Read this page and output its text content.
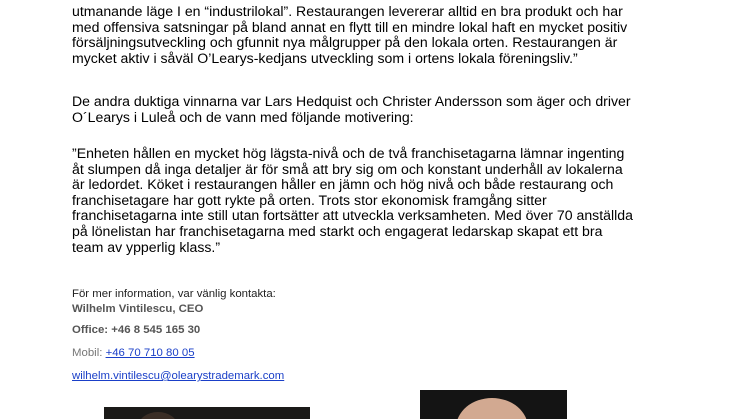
utmanande läge I en “industrilokal”. Restaurangen levererar alltid en bra produkt och har

med offensiva satsningar på bland annat en flytt till en mindre lokal haft en mycket positiv

försäljningsutveckling och gfunnit nya målgrupper på den lokala orten. Restaurangen är

mycket aktiv i såväl O’Learys-kedjans utveckling som i ortens lokala föreningsliv.”

De andra duktiga vinnarna var Lars Hedquist och Christer Andersson som äger och driver

O´Learys i Luleå och de vann med följande motivering:

”Enheten hållen en mycket hög lägsta-nivå och de två franchisetagarna lämnar ingenting

åt slumpen då inga detaljer är för små att bry sig om och konstant underhåll av lokalerna

är ledordet. Köket i restaurangen håller en jämn och hög nivå och både restaurang och

franchisetagare har gott rykte på orten. Trots stor ekonomisk framgång sitter

franchisetagarna inte still utan fortsätter att utveckla verksamheten. Med över 70 anställda

på lönelistan har franchisetagarna med starkt och engagerat ledarskap skapat ett bra

team av ypperlig klass.”

För mer information, var vänlig kontakta:
Wilhelm Vintilescu, CEO
Office: +46 8 545 165 30
Mobil: +46 70 710 80 05
wilhelm.vintilescu@olearystrademark.com
